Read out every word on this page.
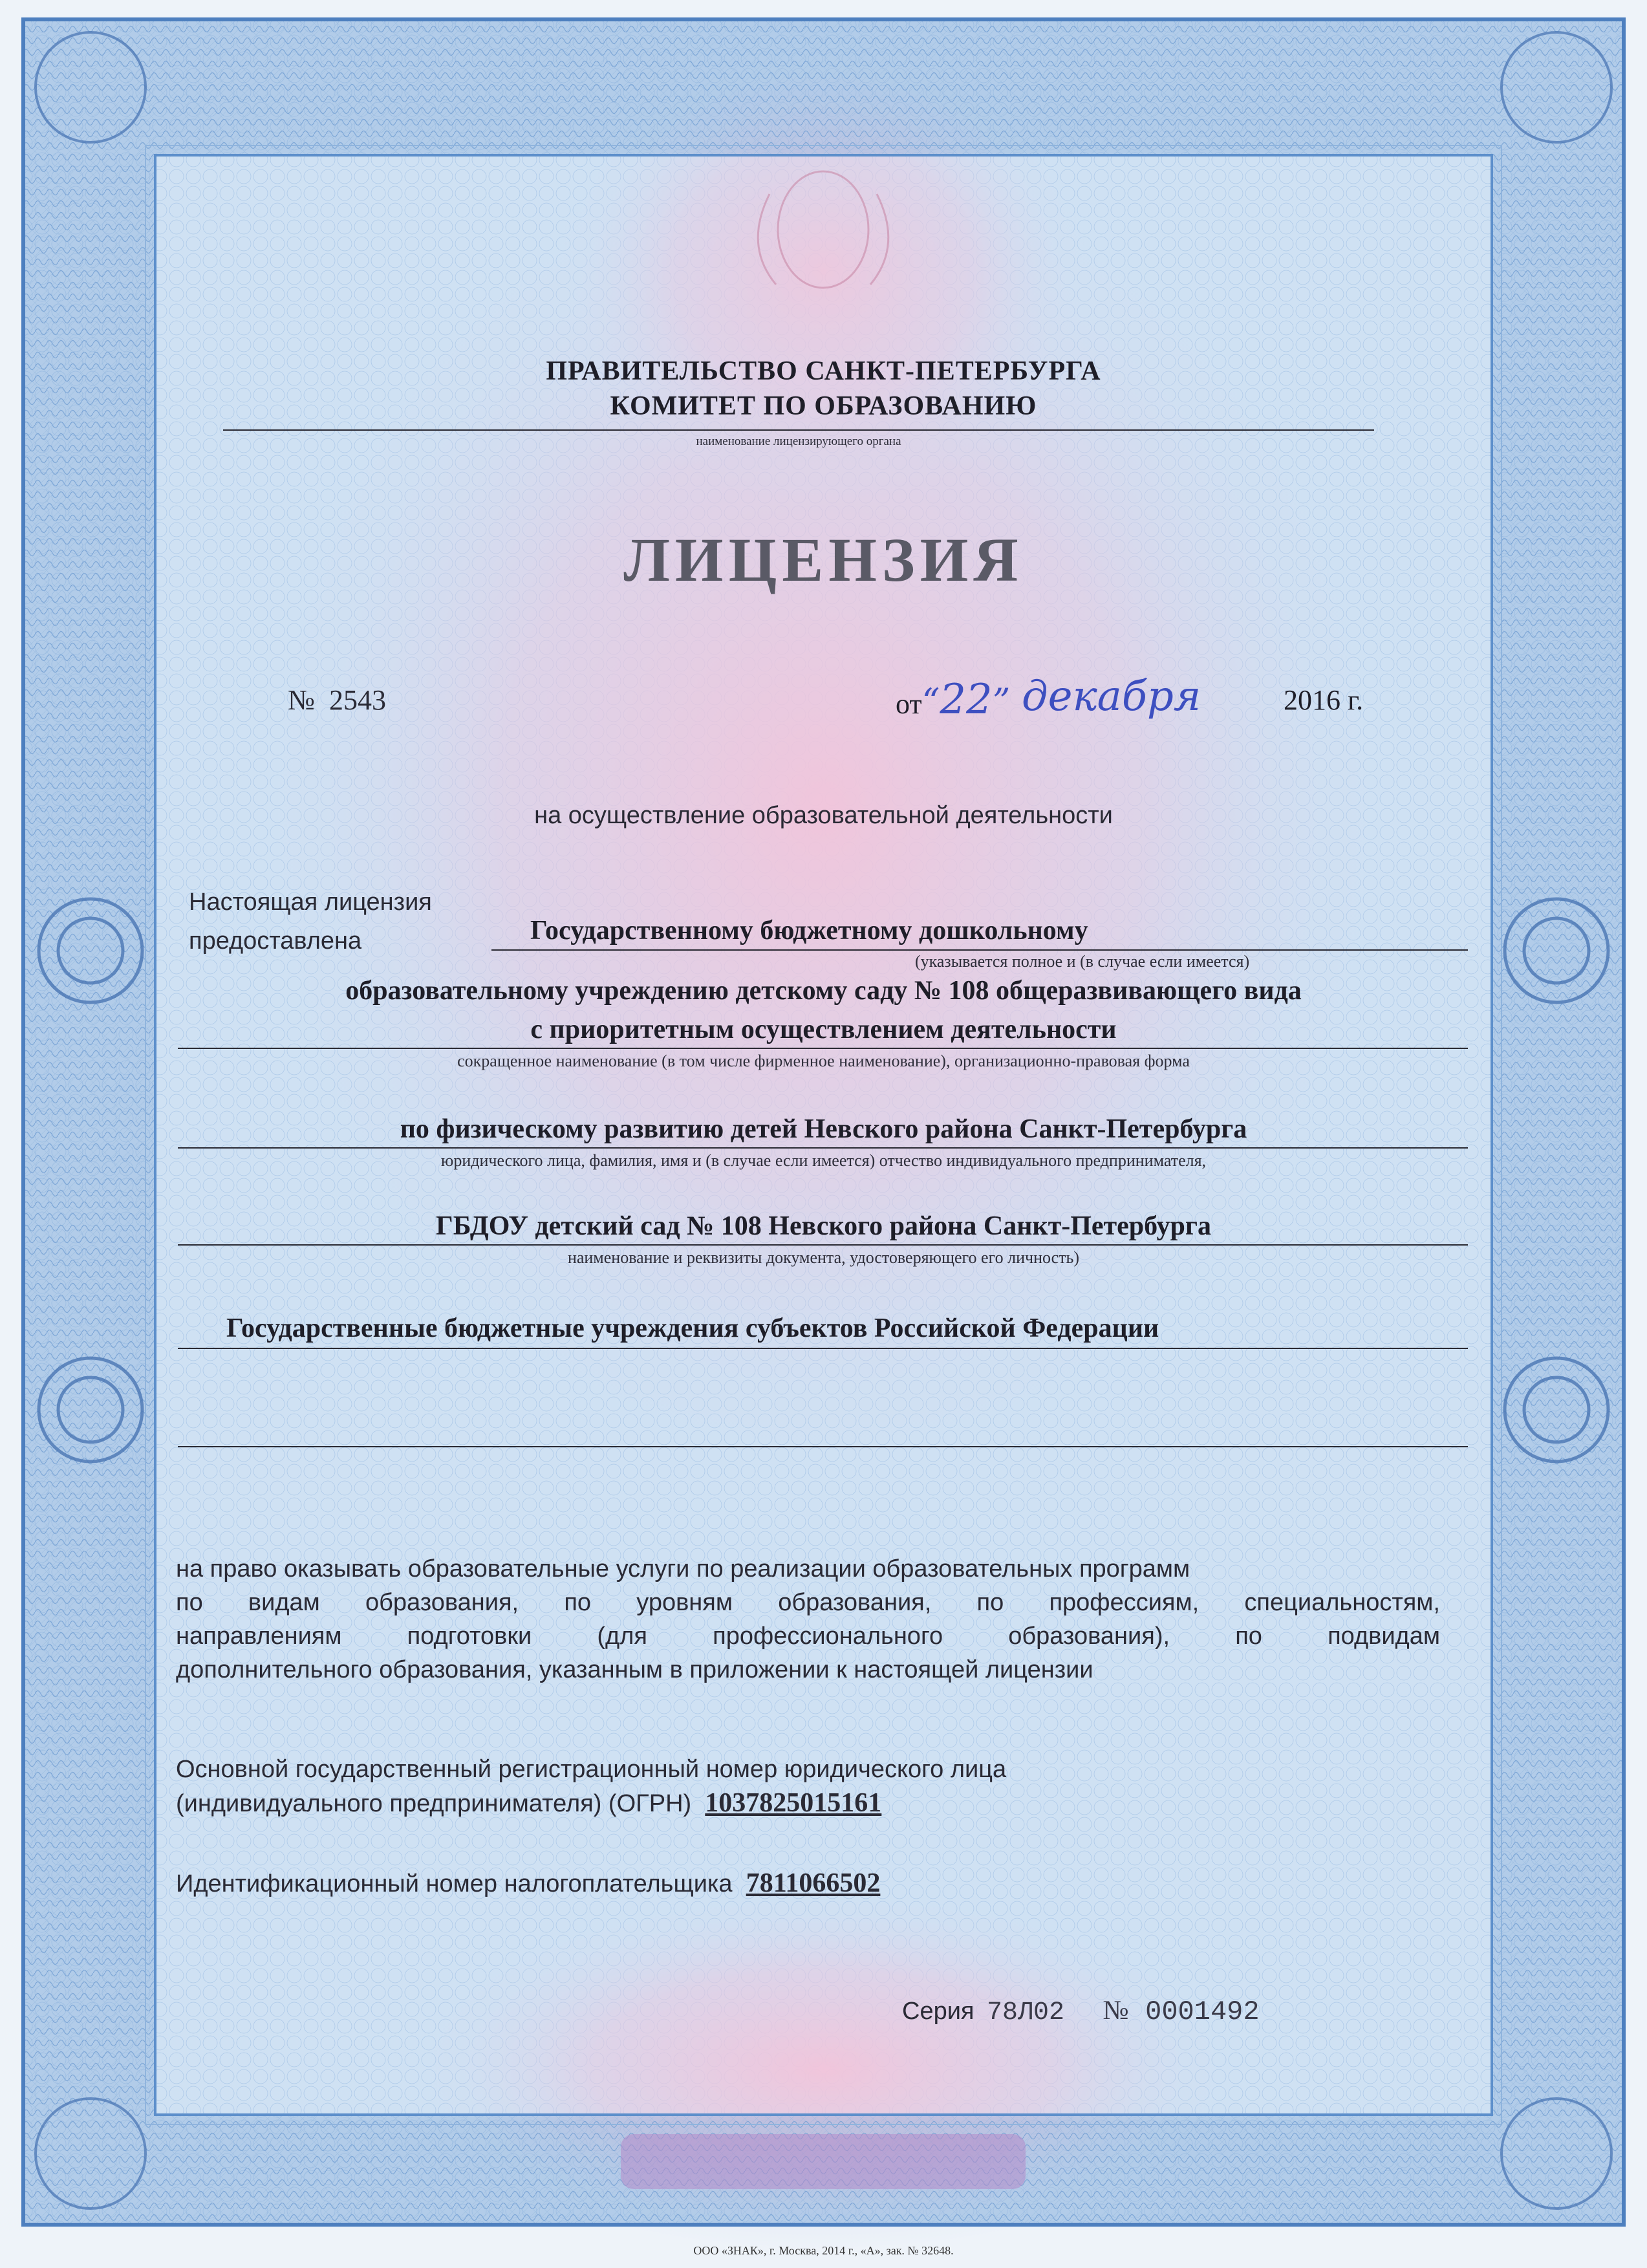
ПРАВИТЕЛЬСТВО САНКТ-ПЕТЕРБУРГА
КОМИТЕТ ПО ОБРАЗОВАНИЮ
наименование лицензирующего органа
ЛИЦЕНЗИЯ
№ 2543	от“22” декабря	2016 г.
на осуществление образовательной деятельности
Настоящая лицензия
предоставлена	Государственному бюджетному дошкольному
(указывается полное и (в случае если имеется)
образовательному учреждению детскому саду № 108 общеразвивающего вида
с приоритетным осуществлением деятельности
сокращенное наименование (в том числе фирменное наименование), организационно-правовая форма
по физическому развитию детей Невского района Санкт-Петербурга
юридического лица, фамилия, имя и (в случае если имеется) отчество индивидуального предпринимателя,
ГБДОУ детский сад № 108 Невского района Санкт-Петербурга
наименование и реквизиты документа, удостоверяющего его личность)
Государственные бюджетные учреждения субъектов Российской Федерации
на право оказывать образовательные услуги по реализации образовательных программ
по видам образования, по уровням образования, по профессиям, специальностям,
направлениям подготовки (для профессионального образования), по подвидам
дополнительного образования, указанным в приложении к настоящей лицензии
Основной государственный регистрационный номер юридического лица
(индивидуального предпринимателя) (ОГРН) 1037825015161
Идентификационный номер налогоплательщика 7811066502
Серия 78Л02 № 0001492
ООО «ЗНАК», г. Москва, 2014 г., «А», зак. № 32648.
